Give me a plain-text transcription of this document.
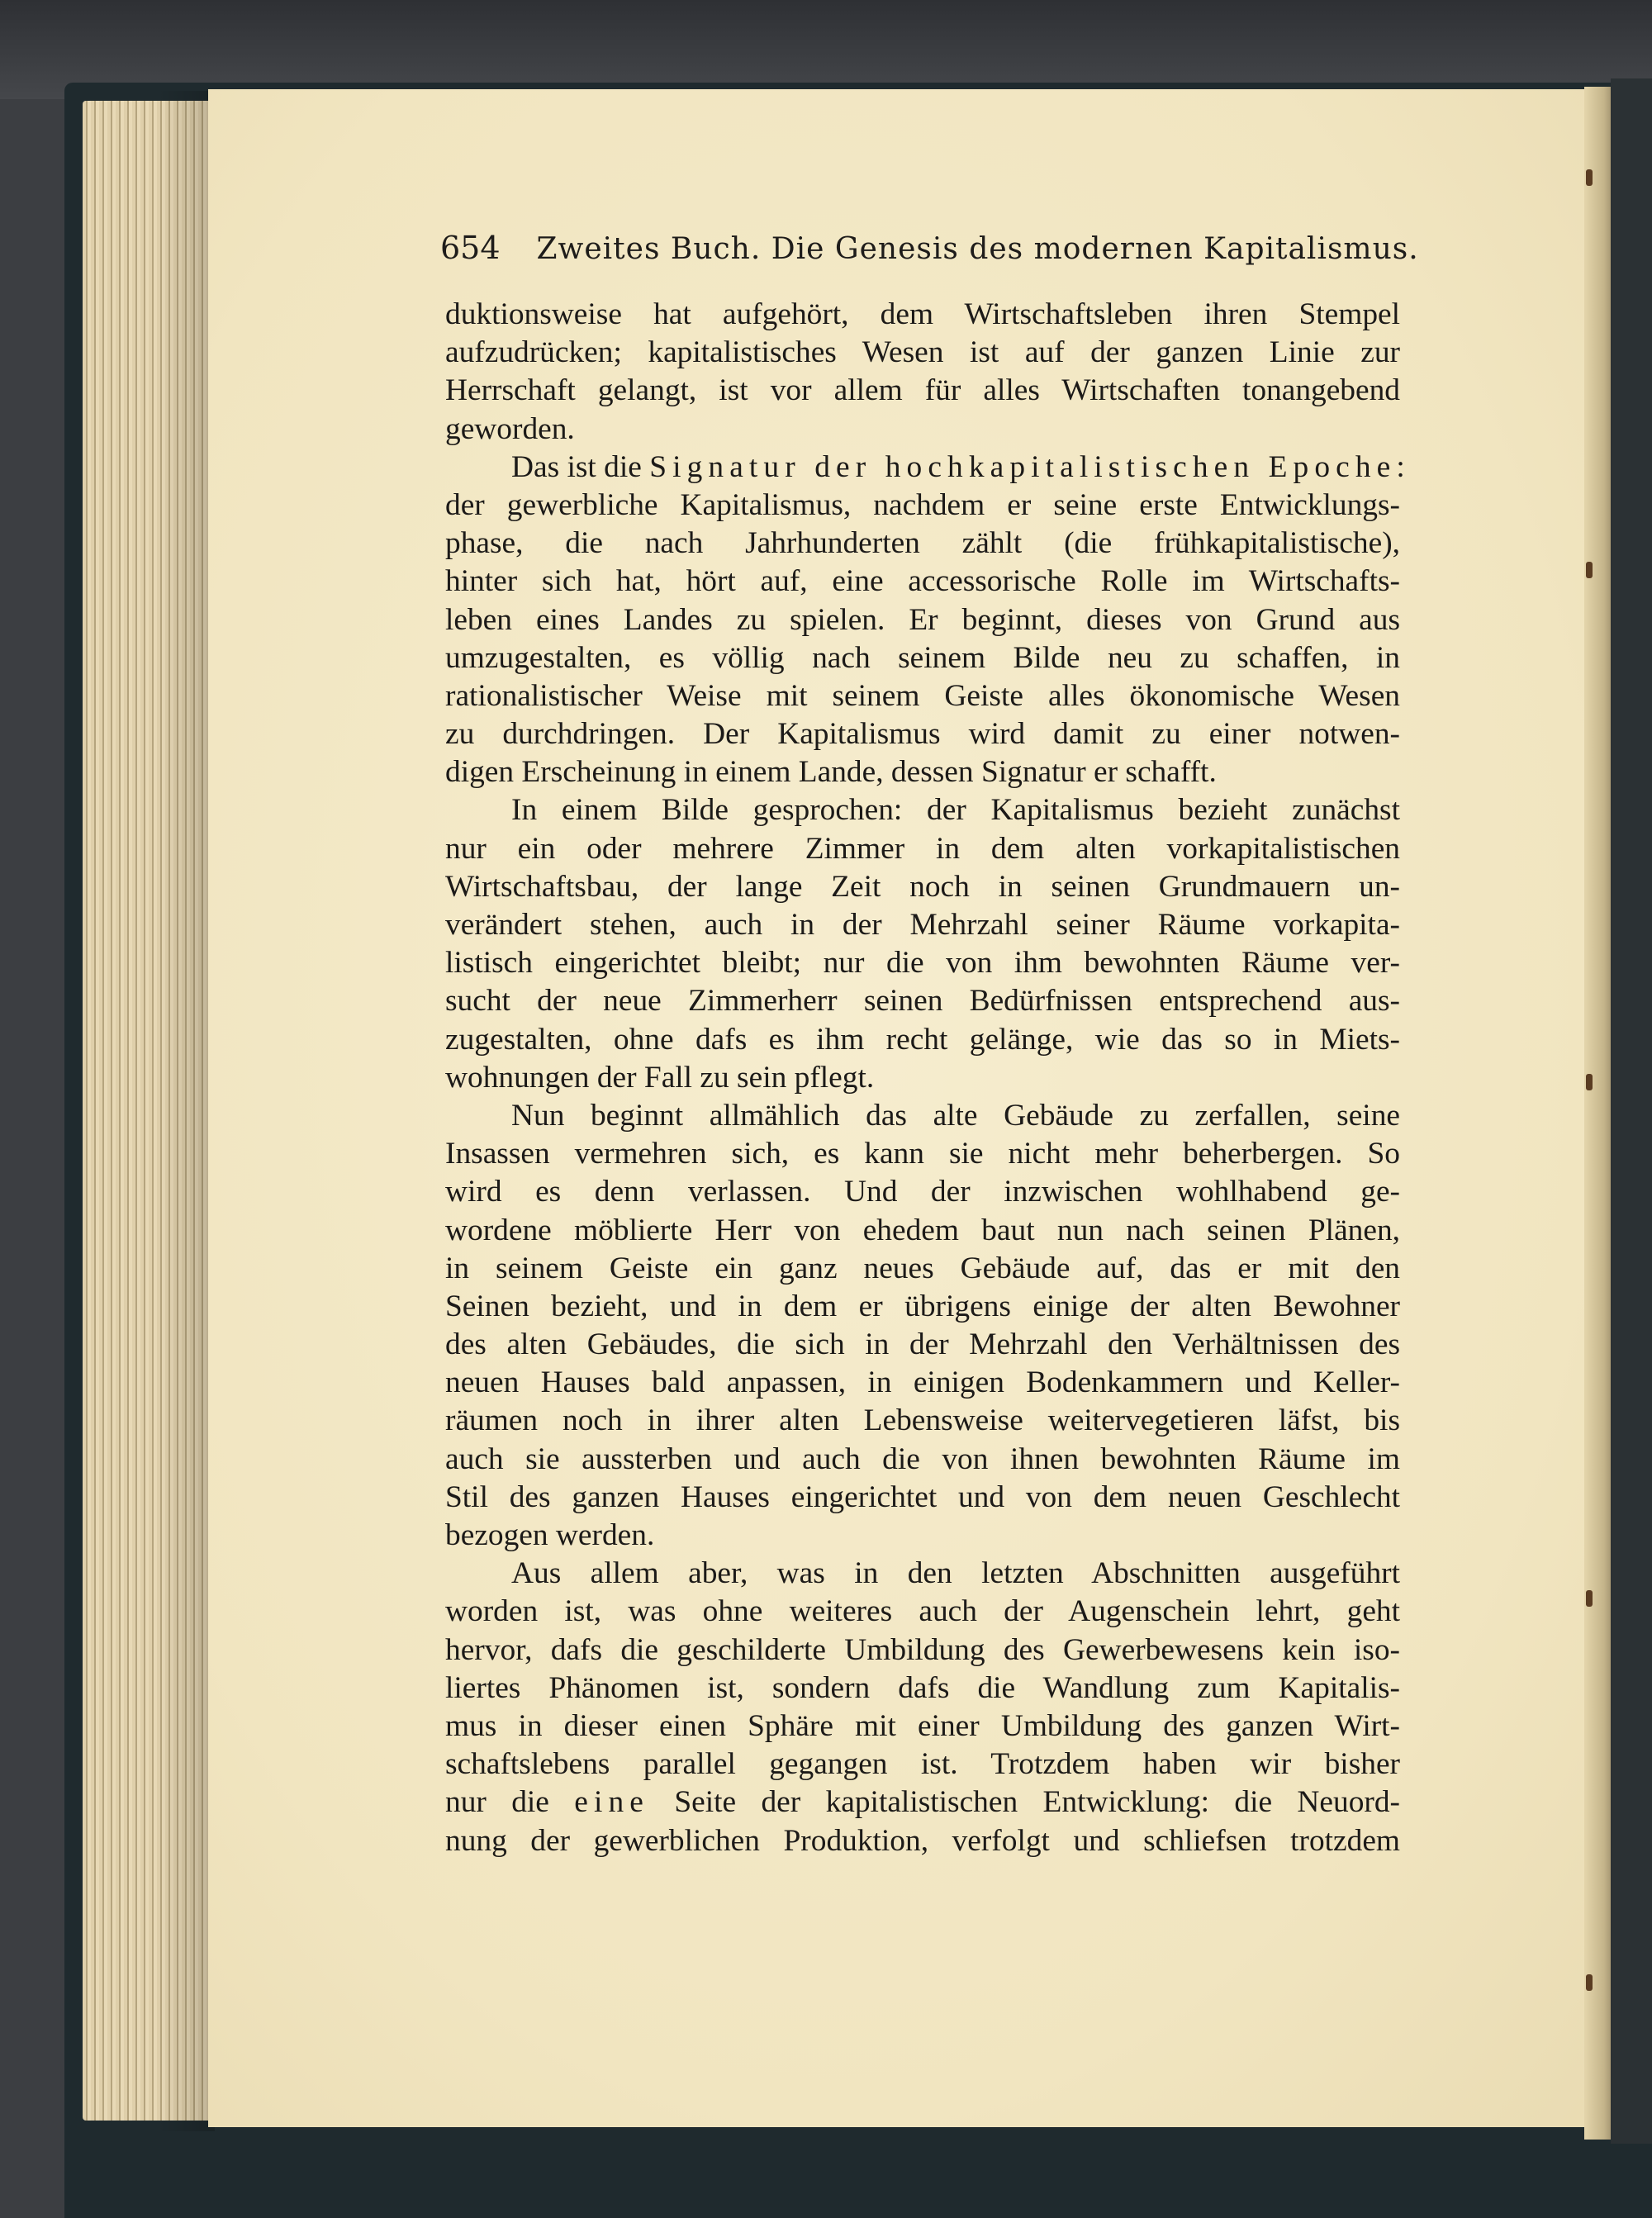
654 Zweites Buch. Die Genesis des modernen Kapitalismus.
duktionsweise hat aufgehört, dem Wirtschaftsleben ihren Stempel
aufzudrücken; kapitalistisches Wesen ist auf der ganzen Linie zur
Herrschaft gelangt, ist vor allem für alles Wirtschaften tonangebend
geworden.
Das ist die Signatur der hochkapitalistischen Epoche:
der gewerbliche Kapitalismus, nachdem er seine erste Entwicklungs-
phase, die nach Jahrhunderten zählt (die frühkapitalistische),
hinter sich hat, hört auf, eine accessorische Rolle im Wirtschafts-
leben eines Landes zu spielen. Er beginnt, dieses von Grund aus
umzugestalten, es völlig nach seinem Bilde neu zu schaffen, in
rationalistischer Weise mit seinem Geiste alles ökonomische Wesen
zu durchdringen. Der Kapitalismus wird damit zu einer notwen-
digen Erscheinung in einem Lande, dessen Signatur er schafft.
In einem Bilde gesprochen: der Kapitalismus bezieht zunächst
nur ein oder mehrere Zimmer in dem alten vorkapitalistischen
Wirtschaftsbau, der lange Zeit noch in seinen Grundmauern un-
verändert stehen, auch in der Mehrzahl seiner Räume vorkapita-
listisch eingerichtet bleibt; nur die von ihm bewohnten Räume ver-
sucht der neue Zimmerherr seinen Bedürfnissen entsprechend aus-
zugestalten, ohne dafs es ihm recht gelänge, wie das so in Miets-
wohnungen der Fall zu sein pflegt.
Nun beginnt allmählich das alte Gebäude zu zerfallen, seine
Insassen vermehren sich, es kann sie nicht mehr beherbergen. So
wird es denn verlassen. Und der inzwischen wohlhabend ge-
wordene möblierte Herr von ehedem baut nun nach seinen Plänen,
in seinem Geiste ein ganz neues Gebäude auf, das er mit den
Seinen bezieht, und in dem er übrigens einige der alten Bewohner
des alten Gebäudes, die sich in der Mehrzahl den Verhältnissen des
neuen Hauses bald anpassen, in einigen Bodenkammern und Keller-
räumen noch in ihrer alten Lebensweise weitervegetieren läfst, bis
auch sie aussterben und auch die von ihnen bewohnten Räume im
Stil des ganzen Hauses eingerichtet und von dem neuen Geschlecht
bezogen werden.
Aus allem aber, was in den letzten Abschnitten ausgeführt
worden ist, was ohne weiteres auch der Augenschein lehrt, geht
hervor, dafs die geschilderte Umbildung des Gewerbewesens kein iso-
liertes Phänomen ist, sondern dafs die Wandlung zum Kapitalis-
mus in dieser einen Sphäre mit einer Umbildung des ganzen Wirt-
schaftslebens parallel gegangen ist. Trotzdem haben wir bisher
nur die eine Seite der kapitalistischen Entwicklung: die Neuord-
nung der gewerblichen Produktion, verfolgt und schliefsen trotzdem
